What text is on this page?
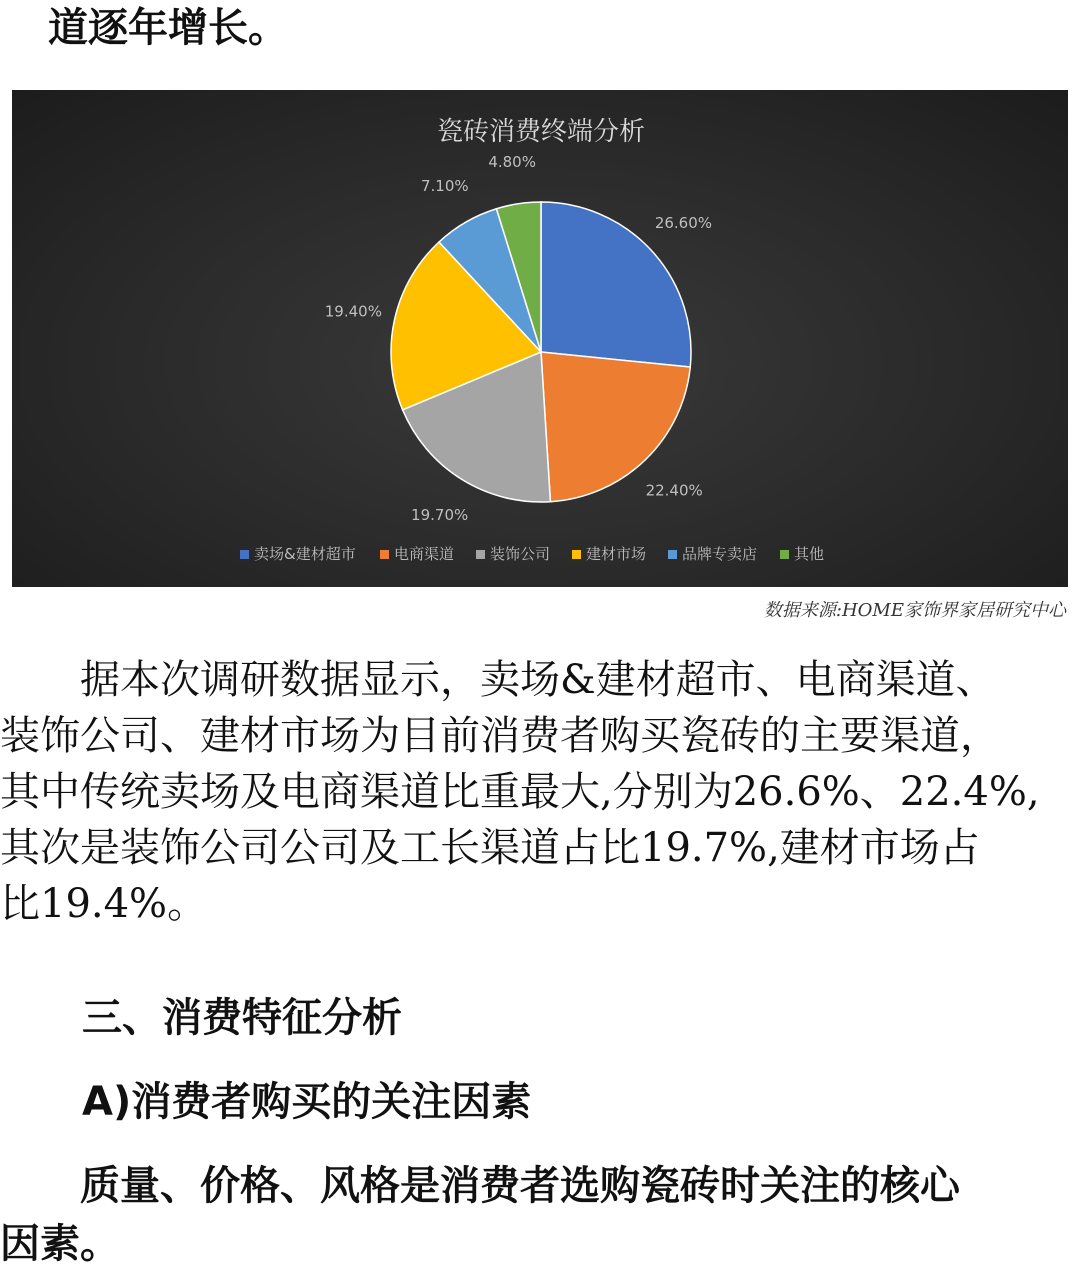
道逐年增长。
瓷砖消费终端分析
26.60%
22.40%
19.70%
19.40%
7.10%
4.80%
卖场&建材超市	电商渠道 装饰公司 建材市场 品牌专卖店 其他
数据来源:HOME家饰界家居研究中心
　　据本次调研数据显示，卖场&建材超市、电商渠道、
装饰公司、建材市场为目前消费者购买瓷砖的主要渠道，
其中传统卖场及电商渠道比重最大,分别为26.6%、22.4%,
其次是装饰公司公司及工长渠道占比19.7%,建材市场占
比19.4%。
三、消费特征分析
A)消费者购买的关注因素
　　质量、价格、风格是消费者选购瓷砖时关注的核心
因素。
